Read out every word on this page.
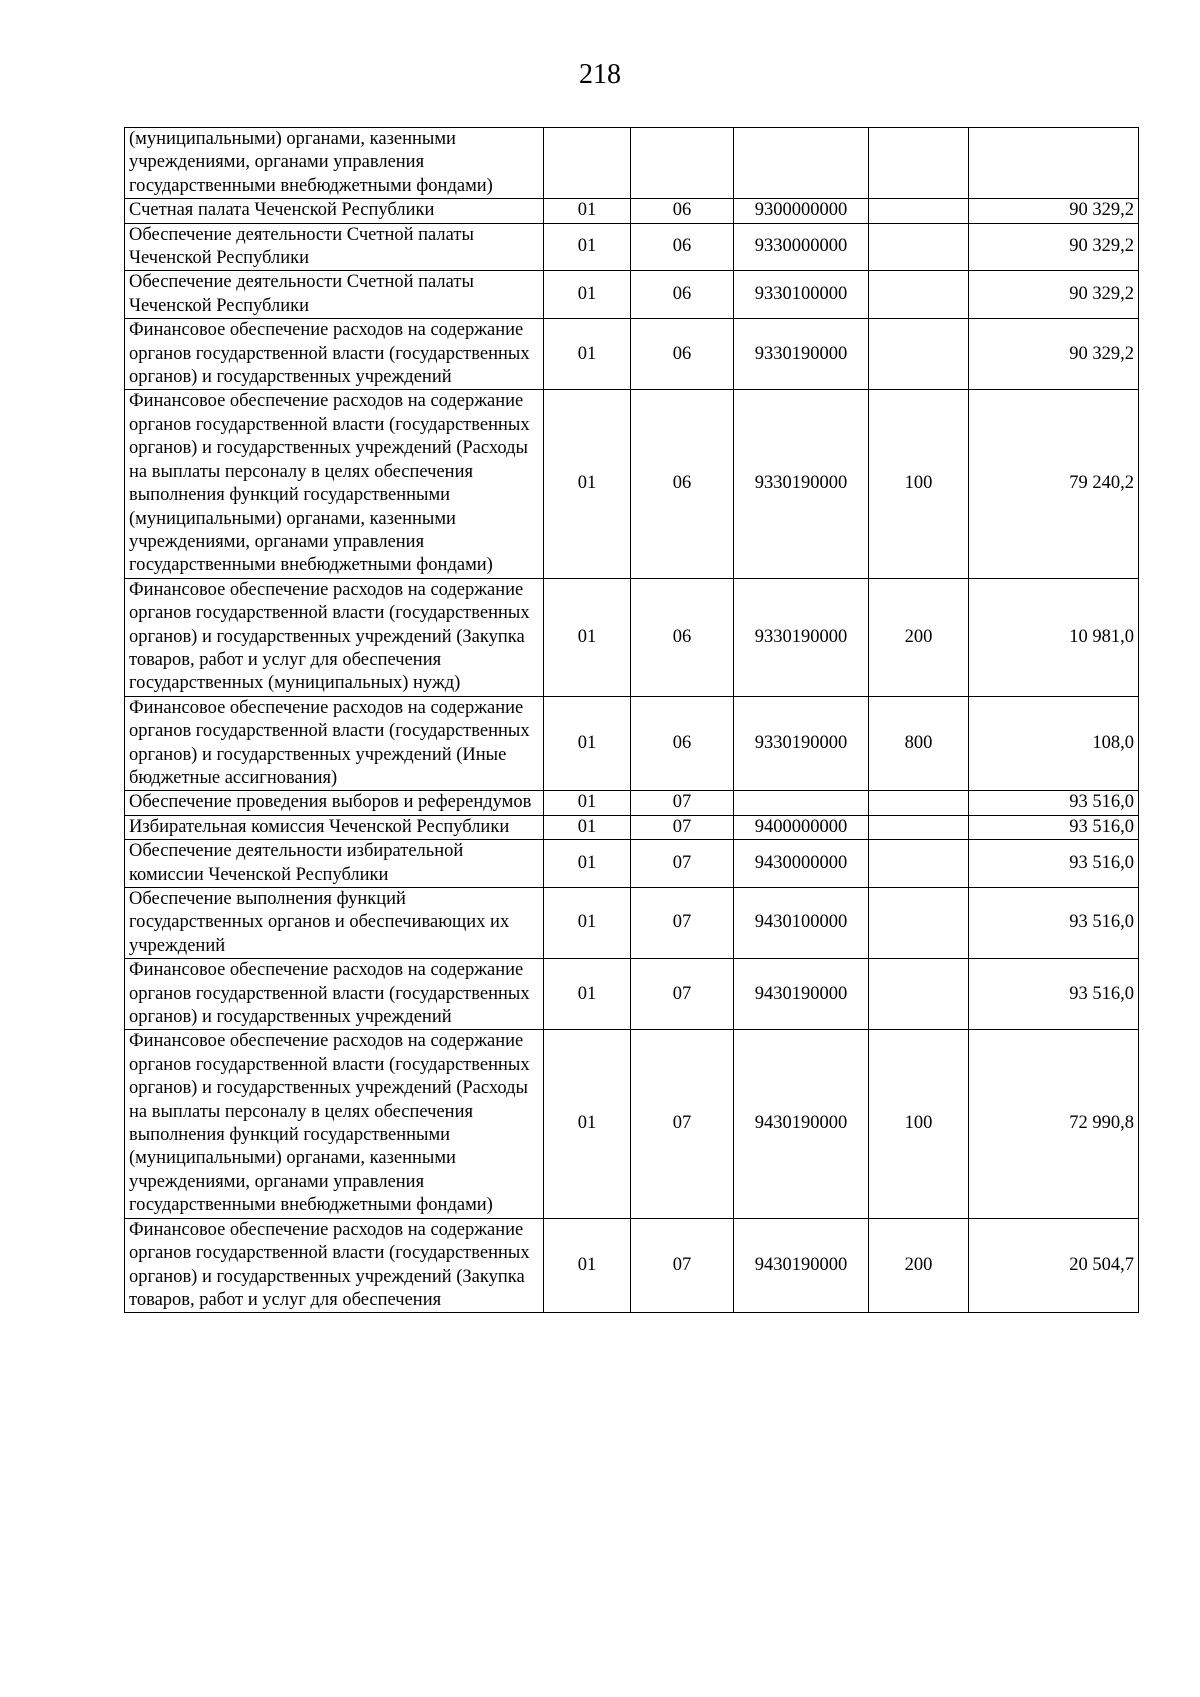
218
(муниципальными) органами, казенными учреждениями, органами управления государственными внебюджетными фондами)					
Счетная палата Чеченской Республики	01	06	9300000000		90 329,2
Обеспечение деятельности Счетной палаты Чеченской Республики	01	06	9330000000		90 329,2
Обеспечение деятельности Счетной палаты Чеченской Республики	01	06	9330100000		90 329,2
Финансовое обеспечение расходов на содержание органов государственной власти (государственных органов) и государственных учреждений	01	06	9330190000		90 329,2
Финансовое обеспечение расходов на содержание органов государственной власти (государственных органов) и государственных учреждений (Расходы на выплаты персоналу в целях обеспечения выполнения функций государственными (муниципальными) органами, казенными учреждениями, органами управления государственными внебюджетными фондами)	01	06	9330190000	100	79 240,2
Финансовое обеспечение расходов на содержание органов государственной власти (государственных органов) и государственных учреждений (Закупка товаров, работ и услуг для обеспечения государственных (муниципальных) нужд)	01	06	9330190000	200	10 981,0
Финансовое обеспечение расходов на содержание органов государственной власти (государственных органов) и государственных учреждений (Иные бюджетные ассигнования)	01	06	9330190000	800	108,0
Обеспечение проведения выборов и референдумов	01	07			93 516,0
Избирательная комиссия Чеченской Республики	01	07	9400000000		93 516,0
Обеспечение деятельности избирательной комиссии Чеченской Республики	01	07	9430000000		93 516,0
Обеспечение выполнения функций государственных органов и обеспечивающих их учреждений	01	07	9430100000		93 516,0
Финансовое обеспечение расходов на содержание органов государственной власти (государственных органов) и государственных учреждений	01	07	9430190000		93 516,0
Финансовое обеспечение расходов на содержание органов государственной власти (государственных органов) и государственных учреждений (Расходы на выплаты персоналу в целях обеспечения выполнения функций государственными (муниципальными) органами, казенными учреждениями, органами управления государственными внебюджетными фондами)	01	07	9430190000	100	72 990,8
Финансовое обеспечение расходов на содержание органов государственной власти (государственных органов) и государственных учреждений (Закупка товаров, работ и услуг для обеспечения	01	07	9430190000	200	20 504,7
